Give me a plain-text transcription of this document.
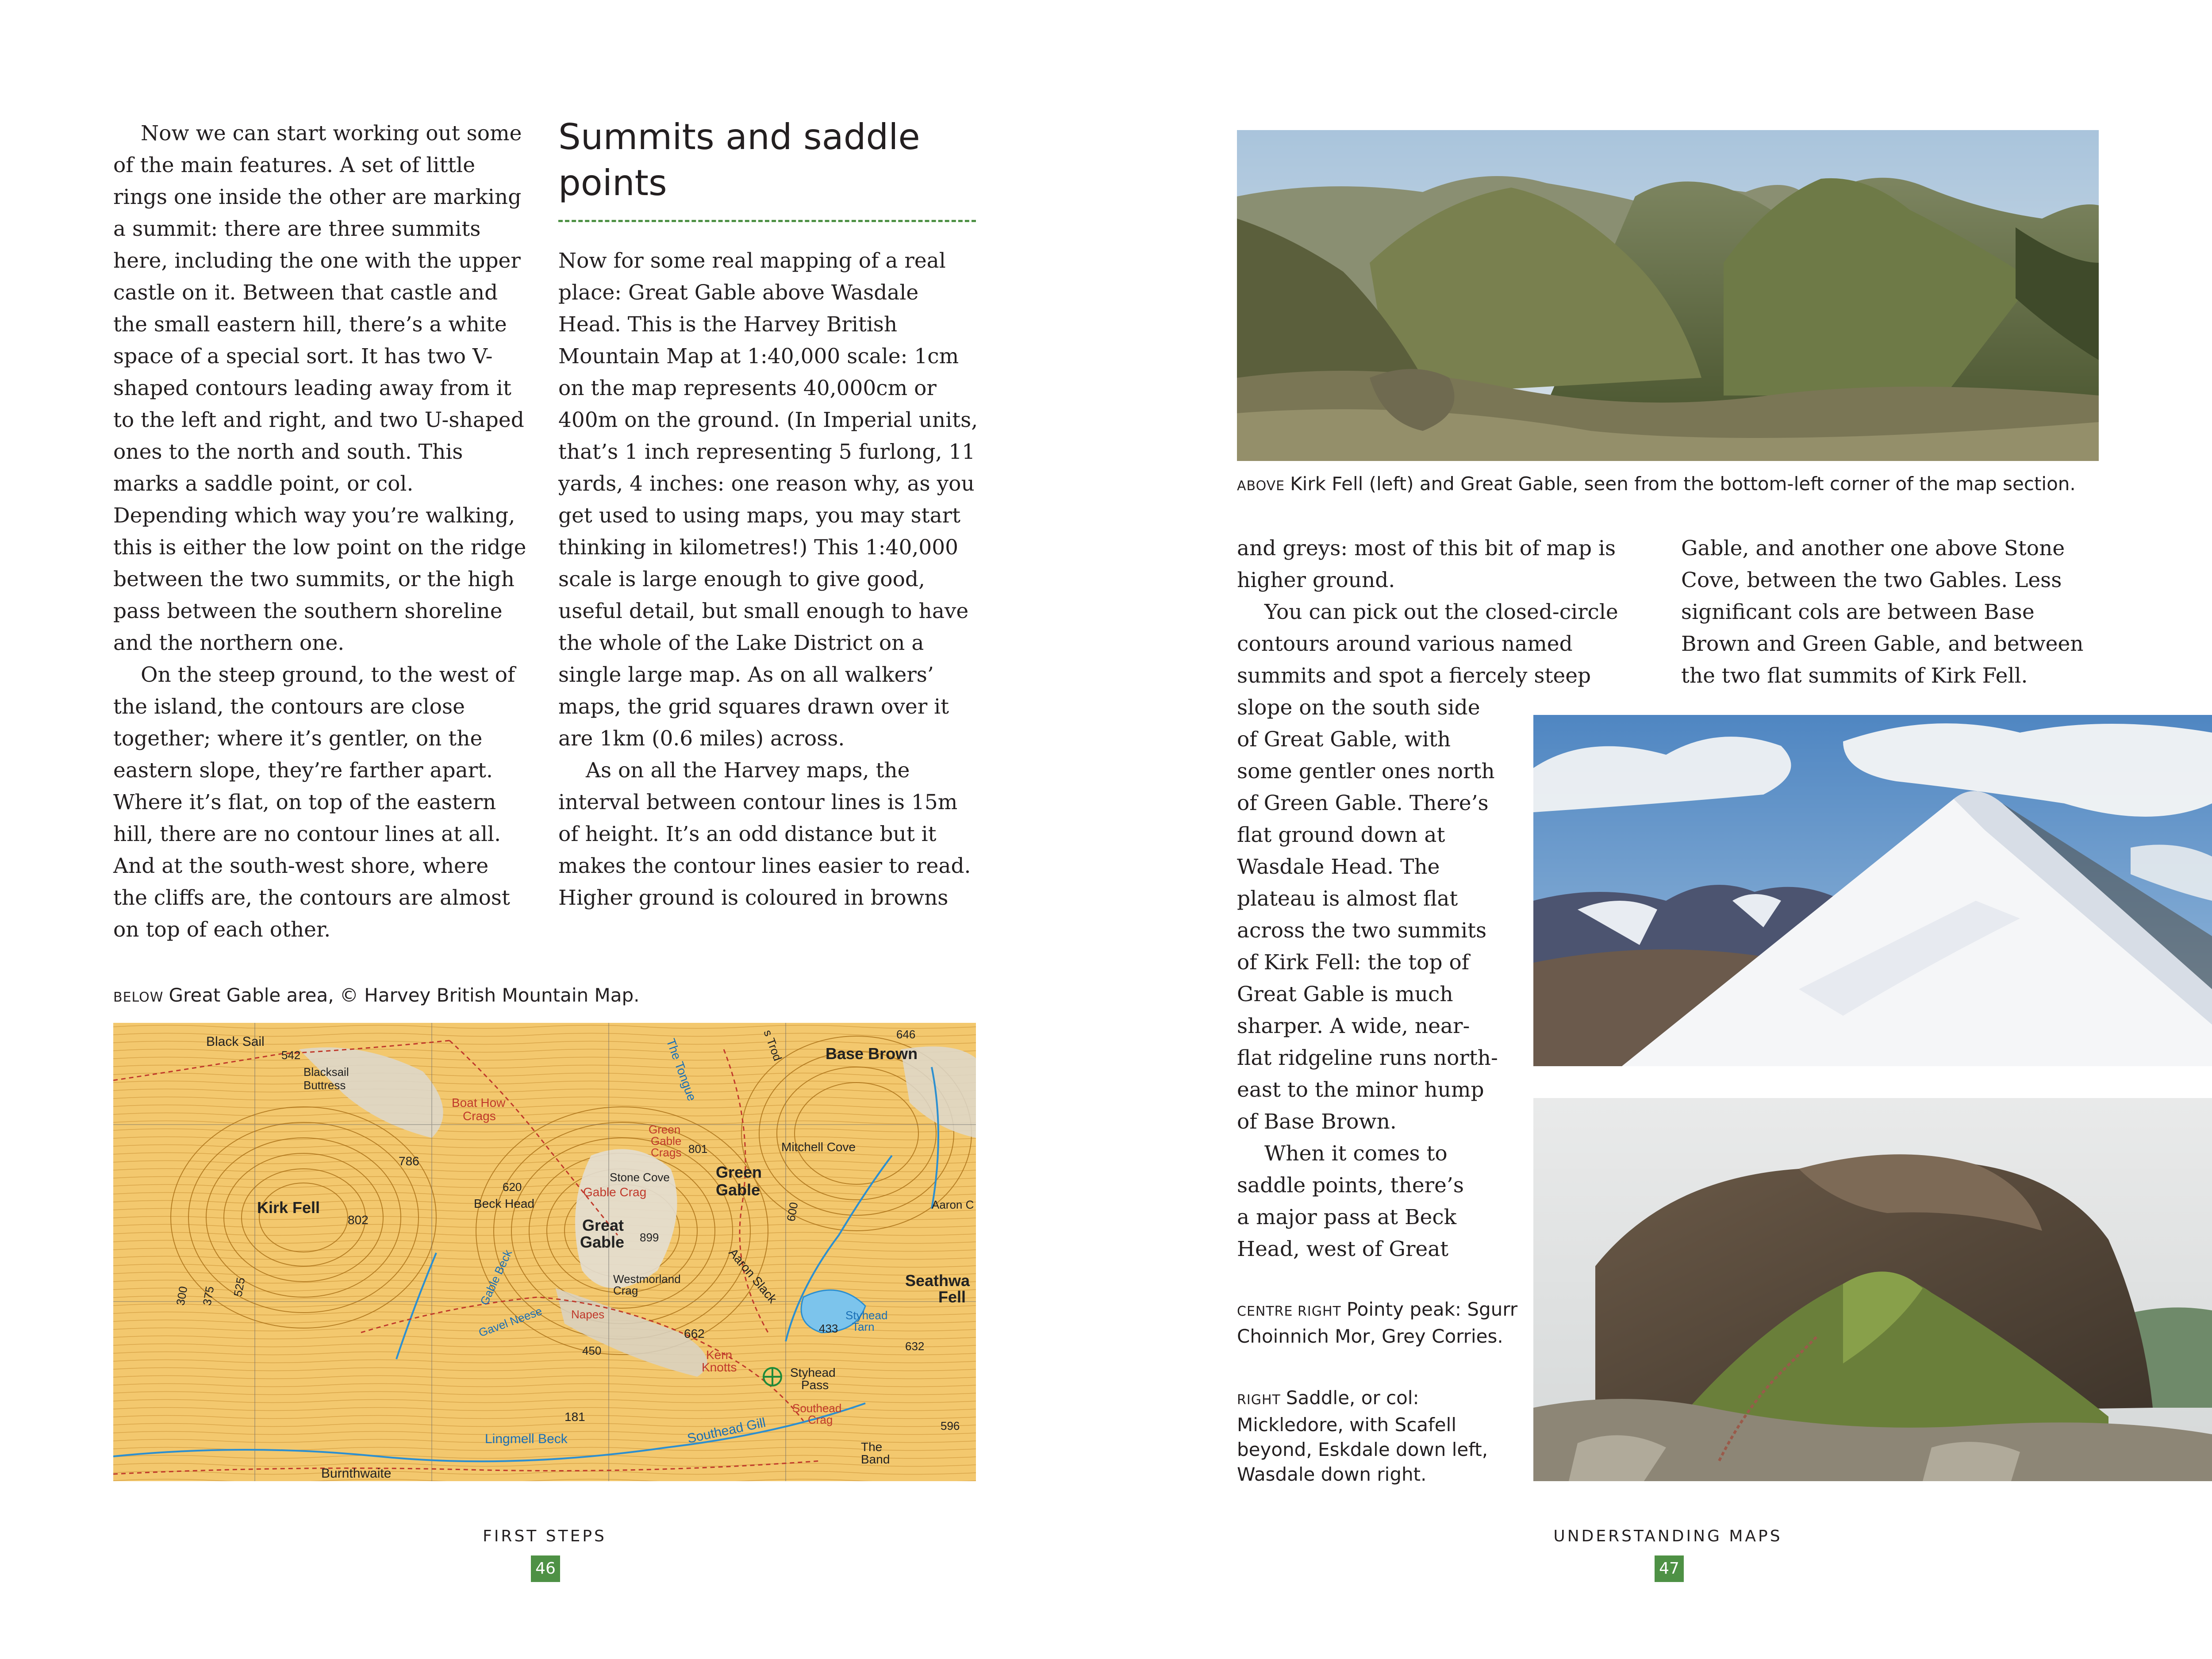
Now we can start working out some of the main features. A set of little rings one inside the other are marking a summit: there are three summits here, including the one with the upper castle on it. Between that castle and the small eastern hill, there’s a white space of a special sort. It has two V-shaped contours leading away from it to the left and right, and two U-shaped ones to the north and south. This marks a saddle point, or col. Depending which way you’re walking, this is either the low point on the ridge between the two summits, or the high pass between the southern shoreline and the northern one.

On the steep ground, to the west of the island, the contours are close together; where it’s gentler, on the eastern slope, they’re farther apart. Where it’s flat, on top of the eastern hill, there are no contour lines at all. And at the south-west shore, where the cliffs are, the contours are almost on top of each other.

Summits and saddle points

Now for some real mapping of a real place: Great Gable above Wasdale Head. This is the Harvey British Mountain Map at 1:40,000 scale: 1cm on the map represents 40,000cm or 400m on the ground. (In Imperial units, that’s 1 inch representing 5 furlong, 11 yards, 4 inches: one reason why, as you get used to using maps, you may start thinking in kilometres!) This 1:40,000 scale is large enough to give good, useful detail, but small enough to have the whole of the Lake District on a single large map. As on all walkers’ maps, the grid squares drawn over it are 1km (0.6 miles) across.

As on all the Harvey maps, the interval between contour lines is 15m of height. It’s an odd distance but it makes the contour lines easier to read. Higher ground is coloured in browns

BELOW Great Gable area, © Harvey British Mountain Map.
Black Sail
542
Blacksail
Buttress
Boat How
Crags
The Tongue	s Trod	646
Base Brown
Green
Gable
Crags	Mitchell Cove
786
801
Stone Cove	Green
Gable
620	Gable Crag
Beck Head
Kirk Fell
802	Great
Gable 899
Aaron C
Aaron Slack
Westmorland
Crag
Seathwa
Fell
Napes
Gavel Neese	662
Kern
Knotts
433
Styhead
Tarn
632
Styhead
Pass
Southead
Crag
181
450
Lingmell Beck	Southead Gill
The
Band
596
Burnthwaite
Gable Beck
600
300 375 525
FIRST STEPS
46
ABOVE Kirk Fell (left) and Great Gable, seen from the bottom-left corner of the map section.
and greys: most of this bit of map is
higher ground.
You can pick out the closed-circle
contours around various named
summits and spot a fiercely steep
slope on the south side
of Great Gable, with
some gentler ones north
of Green Gable. There’s
flat ground down at
Wasdale Head. The
plateau is almost flat
across the two summits
of Kirk Fell: the top of
Great Gable is much
sharper. A wide, near-
flat ridgeline runs north-
east to the minor hump
of Base Brown.
When it comes to
saddle points, there’s
a major pass at Beck
Head, west of Great

Gable, and another one above Stone Cove, between the two Gables. Less significant cols are between Base Brown and Green Gable, and between the two flat summits of Kirk Fell.

CENTRE RIGHT Pointy peak: Sgurr Choinnich Mor, Grey Corries.
RIGHT Saddle, or col: Mickledore, with Scafell beyond, Eskdale down left, Wasdale down right.
UNDERSTANDING MAPS
47
